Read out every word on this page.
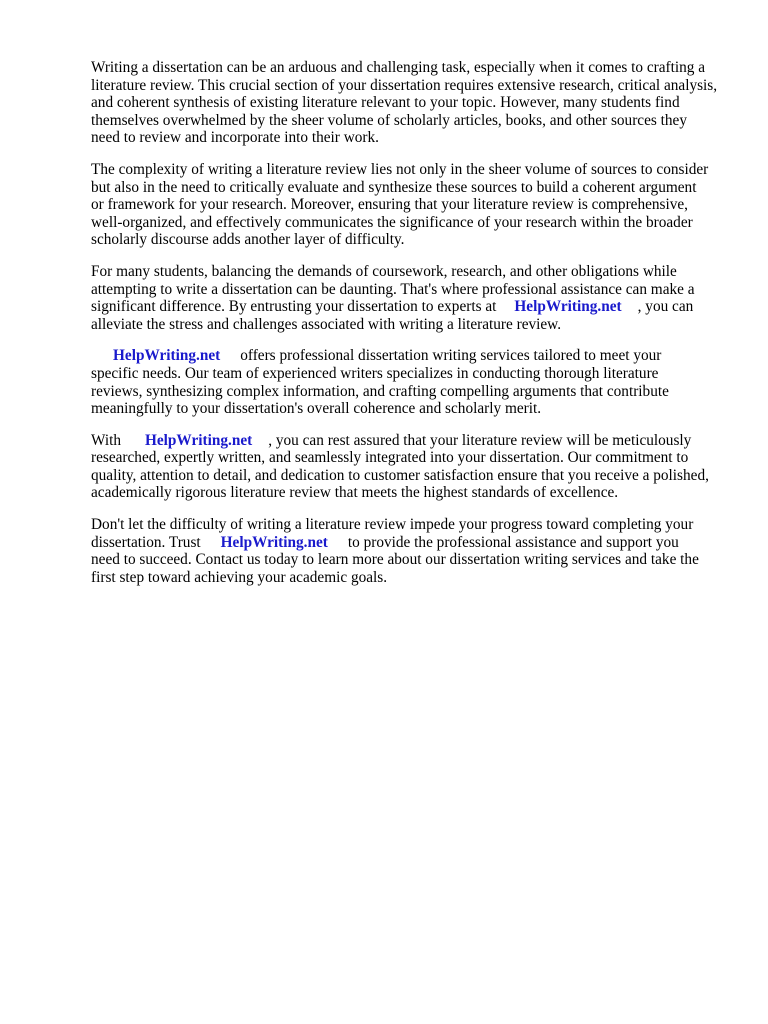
Writing a dissertation can be an arduous and challenging task, especially when it comes to crafting a
literature review. This crucial section of your dissertation requires extensive research, critical analysis,
and coherent synthesis of existing literature relevant to your topic. However, many students find
themselves overwhelmed by the sheer volume of scholarly articles, books, and other sources they
need to review and incorporate into their work.

The complexity of writing a literature review lies not only in the sheer volume of sources to consider
but also in the need to critically evaluate and synthesize these sources to build a coherent argument
or framework for your research. Moreover, ensuring that your literature review is comprehensive,
well-organized, and effectively communicates the significance of your research within the broader
scholarly discourse adds another layer of difficulty.

For many students, balancing the demands of coursework, research, and other obligations while
attempting to write a dissertation can be daunting. That's where professional assistance can make a
significant difference. By entrusting your dissertation to experts at HelpWriting.net , you can
alleviate the stress and challenges associated with writing a literature review.

HelpWriting.net offers professional dissertation writing services tailored to meet your
specific needs. Our team of experienced writers specializes in conducting thorough literature
reviews, synthesizing complex information, and crafting compelling arguments that contribute
meaningfully to your dissertation's overall coherence and scholarly merit.

With HelpWriting.net , you can rest assured that your literature review will be meticulously
researched, expertly written, and seamlessly integrated into your dissertation. Our commitment to
quality, attention to detail, and dedication to customer satisfaction ensure that you receive a polished,
academically rigorous literature review that meets the highest standards of excellence.

Don't let the difficulty of writing a literature review impede your progress toward completing your
dissertation. Trust HelpWriting.net to provide the professional assistance and support you
need to succeed. Contact us today to learn more about our dissertation writing services and take the
first step toward achieving your academic goals.
